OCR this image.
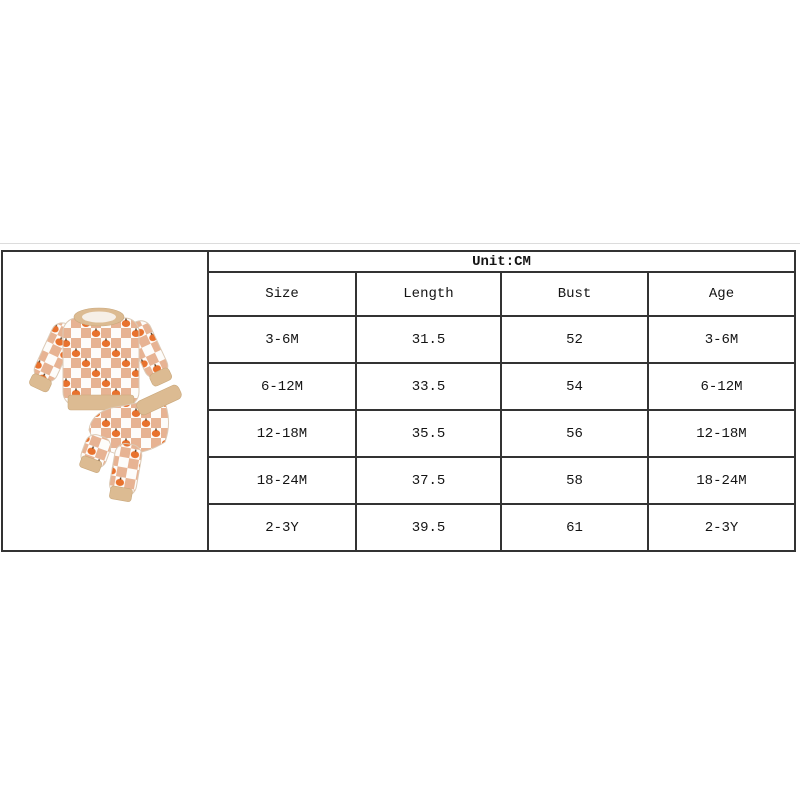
	Unit:CM			
	Size	Length	Bust	Age
	3-6M	31.5	52	3-6M
	6-12M	33.5	54	6-12M
	12-18M	35.5	56	12-18M
	18-24M	37.5	58	18-24M
	2-3Y	39.5	61	2-3Y
